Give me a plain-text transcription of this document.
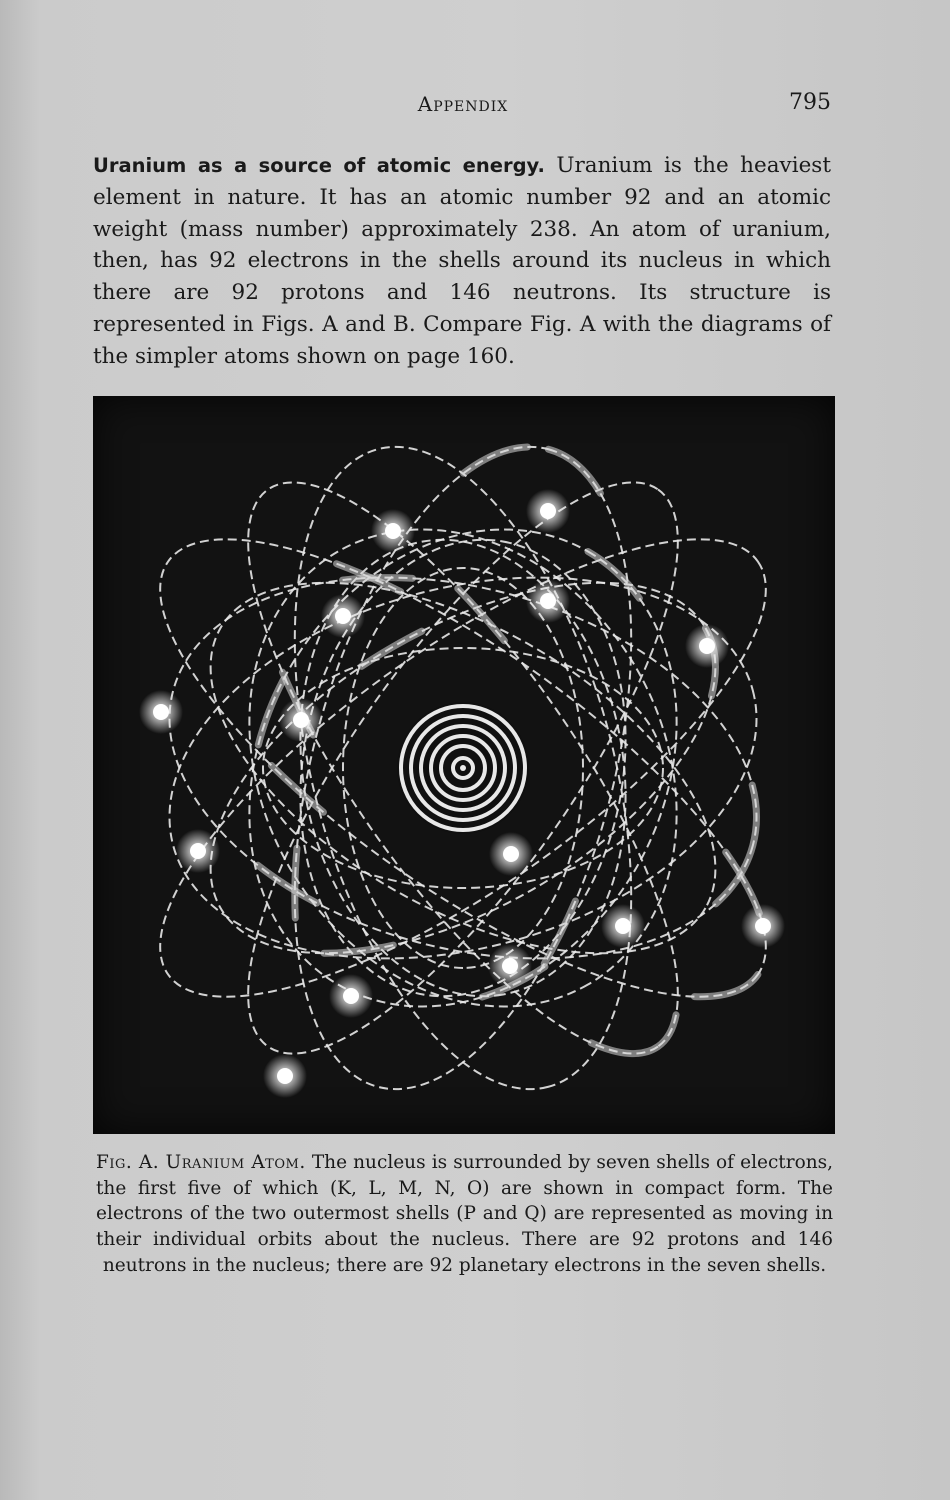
Appendix	795

Uranium as a source of atomic energy. Uranium is the heaviest element in nature. It has an atomic number 92 and an atomic weight (mass number) approximately 238. An atom of uranium, then, has 92 electrons in the shells around its nucleus in which there are 92 protons and 146 neutrons. Its structure is represented in Figs. A and B. Compare Fig. A with the diagrams of the simpler atoms shown on page 160.

Fig. A. Uranium Atom. The nucleus is surrounded by seven shells of electrons, the first five of which (K, L, M, N, O) are shown in compact form. The electrons of the two outermost shells (P and Q) are represented as moving in their individual orbits about the nucleus. There are 92 protons and 146 neutrons in the nucleus; there are 92 planetary electrons in the seven shells.
